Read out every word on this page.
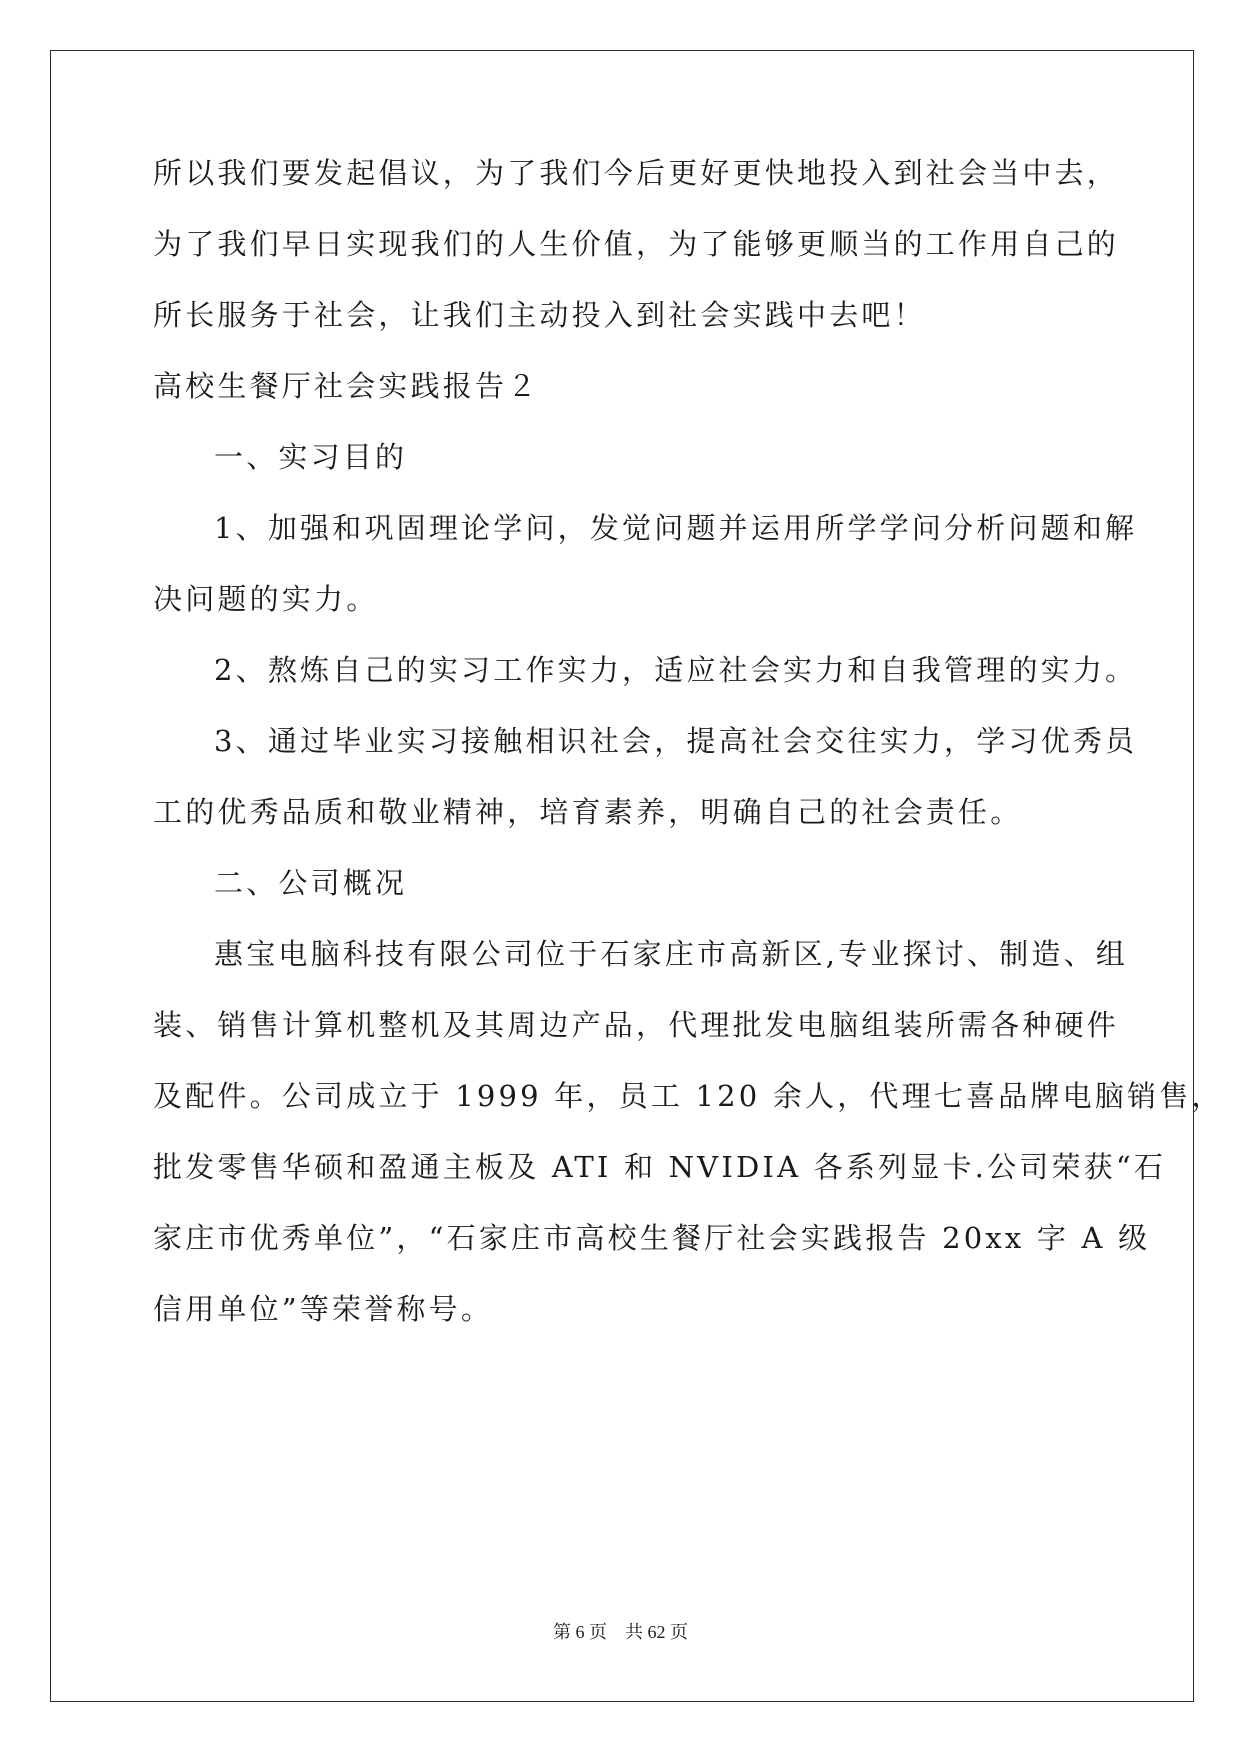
所以我们要发起倡议，为了我们今后更好更快地投入到社会当中去，

为了我们早日实现我们的人生价值，为了能够更顺当的工作用自己的

所长服务于社会，让我们主动投入到社会实践中去吧！

高校生餐厅社会实践报告２

一、实习目的

1、加强和巩固理论学问，发觉问题并运用所学学问分析问题和解

决问题的实力。

2、熬炼自己的实习工作实力，适应社会实力和自我管理的实力。

3、通过毕业实习接触相识社会，提高社会交往实力，学习优秀员

工的优秀品质和敬业精神，培育素养，明确自己的社会责任。

二、公司概况

惠宝电脑科技有限公司位于石家庄市高新区,专业探讨、制造、组

装、销售计算机整机及其周边产品，代理批发电脑组装所需各种硬件

及配件。公司成立于 1999 年，员工 120 余人，代理七喜品牌电脑销售，

批发零售华硕和盈通主板及 ATI 和 NVIDIA 各系列显卡.公司荣获“石

家庄市优秀单位”，“石家庄市高校生餐厅社会实践报告 20xx 字 A 级

信用单位”等荣誉称号。

第 6 页　共 62 页
